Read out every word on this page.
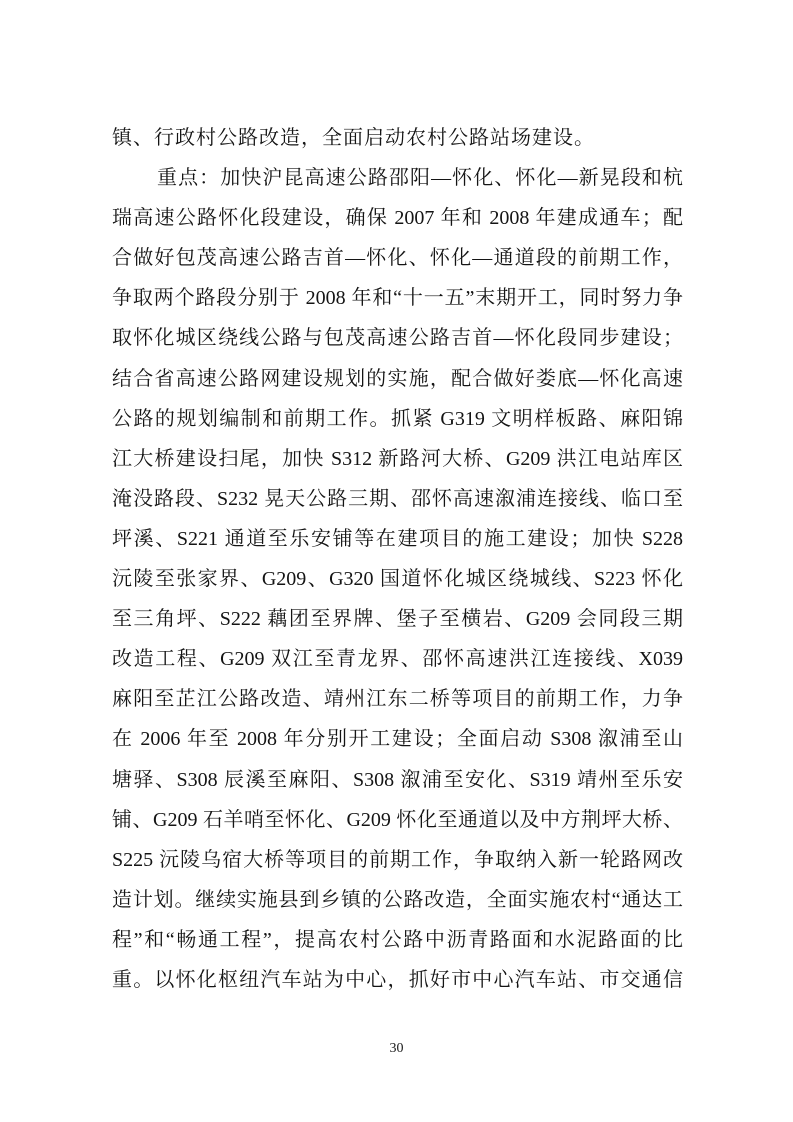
镇、行政村公路改造，全面启动农村公路站场建设。
重点：加快沪昆高速公路邵阳—怀化、怀化—新晃段和杭
瑞高速公路怀化段建设，确保 2007 年和 2008 年建成通车；配
合做好包茂高速公路吉首—怀化、怀化—通道段的前期工作，
争取两个路段分别于 2008 年和“十一五”末期开工，同时努力争
取怀化城区绕线公路与包茂高速公路吉首—怀化段同步建设；
结合省高速公路网建设规划的实施，配合做好娄底—怀化高速
公路的规划编制和前期工作。抓紧 G319 文明样板路、麻阳锦
江大桥建设扫尾，加快 S312 新路河大桥、G209 洪江电站库区
淹没路段、S232 晃天公路三期、邵怀高速溆浦连接线、临口至
坪溪、S221 通道至乐安铺等在建项目的施工建设；加快 S228
沅陵至张家界、G209、G320 国道怀化城区绕城线、S223 怀化
至三角坪、S222 藕团至界牌、堡子至横岩、G209 会同段三期
改造工程、G209 双江至青龙界、邵怀高速洪江连接线、X039
麻阳至芷江公路改造、靖州江东二桥等项目的前期工作，力争
在 2006 年至 2008 年分别开工建设；全面启动 S308 溆浦至山
塘驿、S308 辰溪至麻阳、S308 溆浦至安化、S319 靖州至乐安
铺、G209 石羊哨至怀化、G209 怀化至通道以及中方荆坪大桥、
S225 沅陵乌宿大桥等项目的前期工作，争取纳入新一轮路网改
造计划。继续实施县到乡镇的公路改造，全面实施农村“通达工
程”和“畅通工程”，提高农村公路中沥青路面和水泥路面的比
重。以怀化枢纽汽车站为中心，抓好市中心汽车站、市交通信
30
